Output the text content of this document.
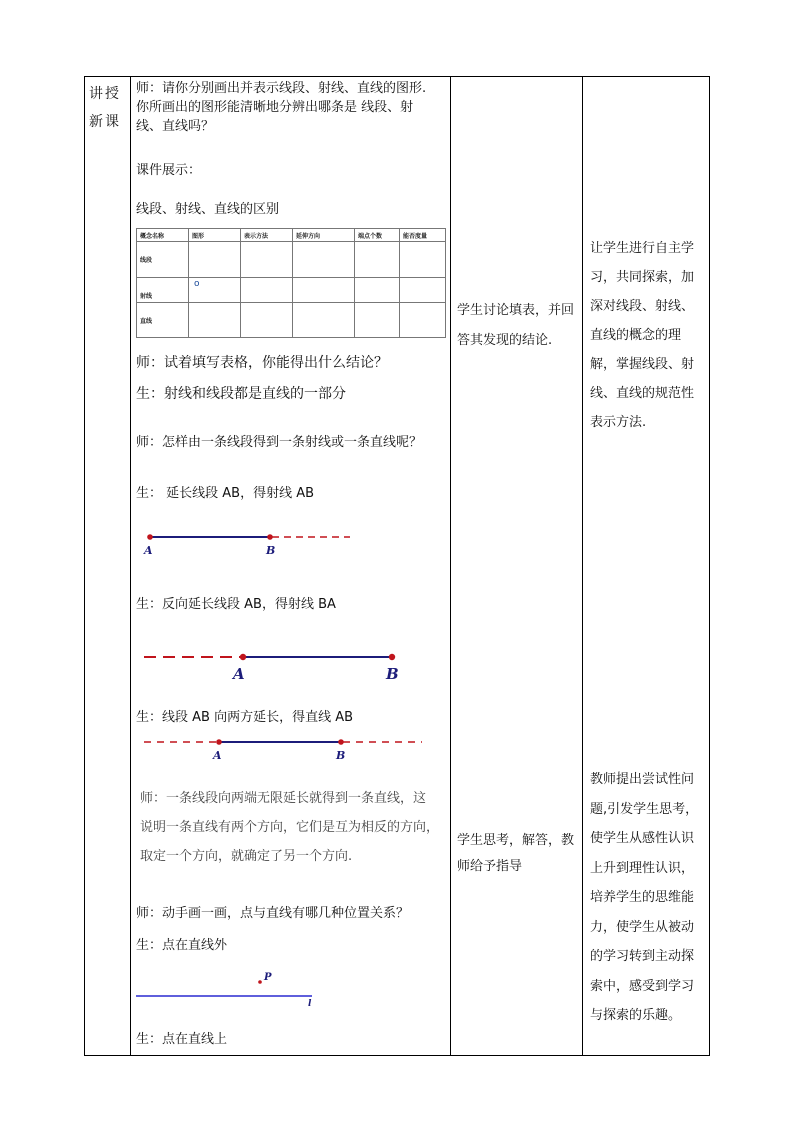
讲授新课
师：请你分别画出并表示线段、射线、直线的图形.
你所画出的图形能清晰地分辨出哪条是 线段、射
线、直线吗？
课件展示：
线段、射线、直线的区别
概念名称	图形	表示方法	延伸方向	端点个数	能否度量
线段					
射线	o				

直线					
师：试着填写表格，你能得出什么结论？
生：射线和线段都是直线的一部分
师：怎样由一条线段得到一条射线或一条直线呢？
生： 延长线段 AB，得射线 AB
A	B
生：反向延长线段 AB，得射线 BA
A	B
生：线段 AB 向两方延长，得直线 AB
A	B
师：一条线段向两端无限延长就得到一条直线，这
说明一条直线有两个方向，它们是互为相反的方向，
取定一个方向，就确定了另一个方向.
师：动手画一画，点与直线有哪几种位置关系？
生：点在直线外
P
l
生：点在直线上
学生讨论填表，并回答其发现的结论.
学生思考，解答，教师给予指导
让学生进行自主学习，共同探索，加深对线段、射线、直线的概念的理解，掌握线段、射线、直线的规范性表示方法.
教师提出尝试性问题,引发学生思考，使学生从感性认识上升到理性认识，培养学生的思维能力，使学生从被动的学习转到主动探索中，感受到学习与探索的乐趣。
